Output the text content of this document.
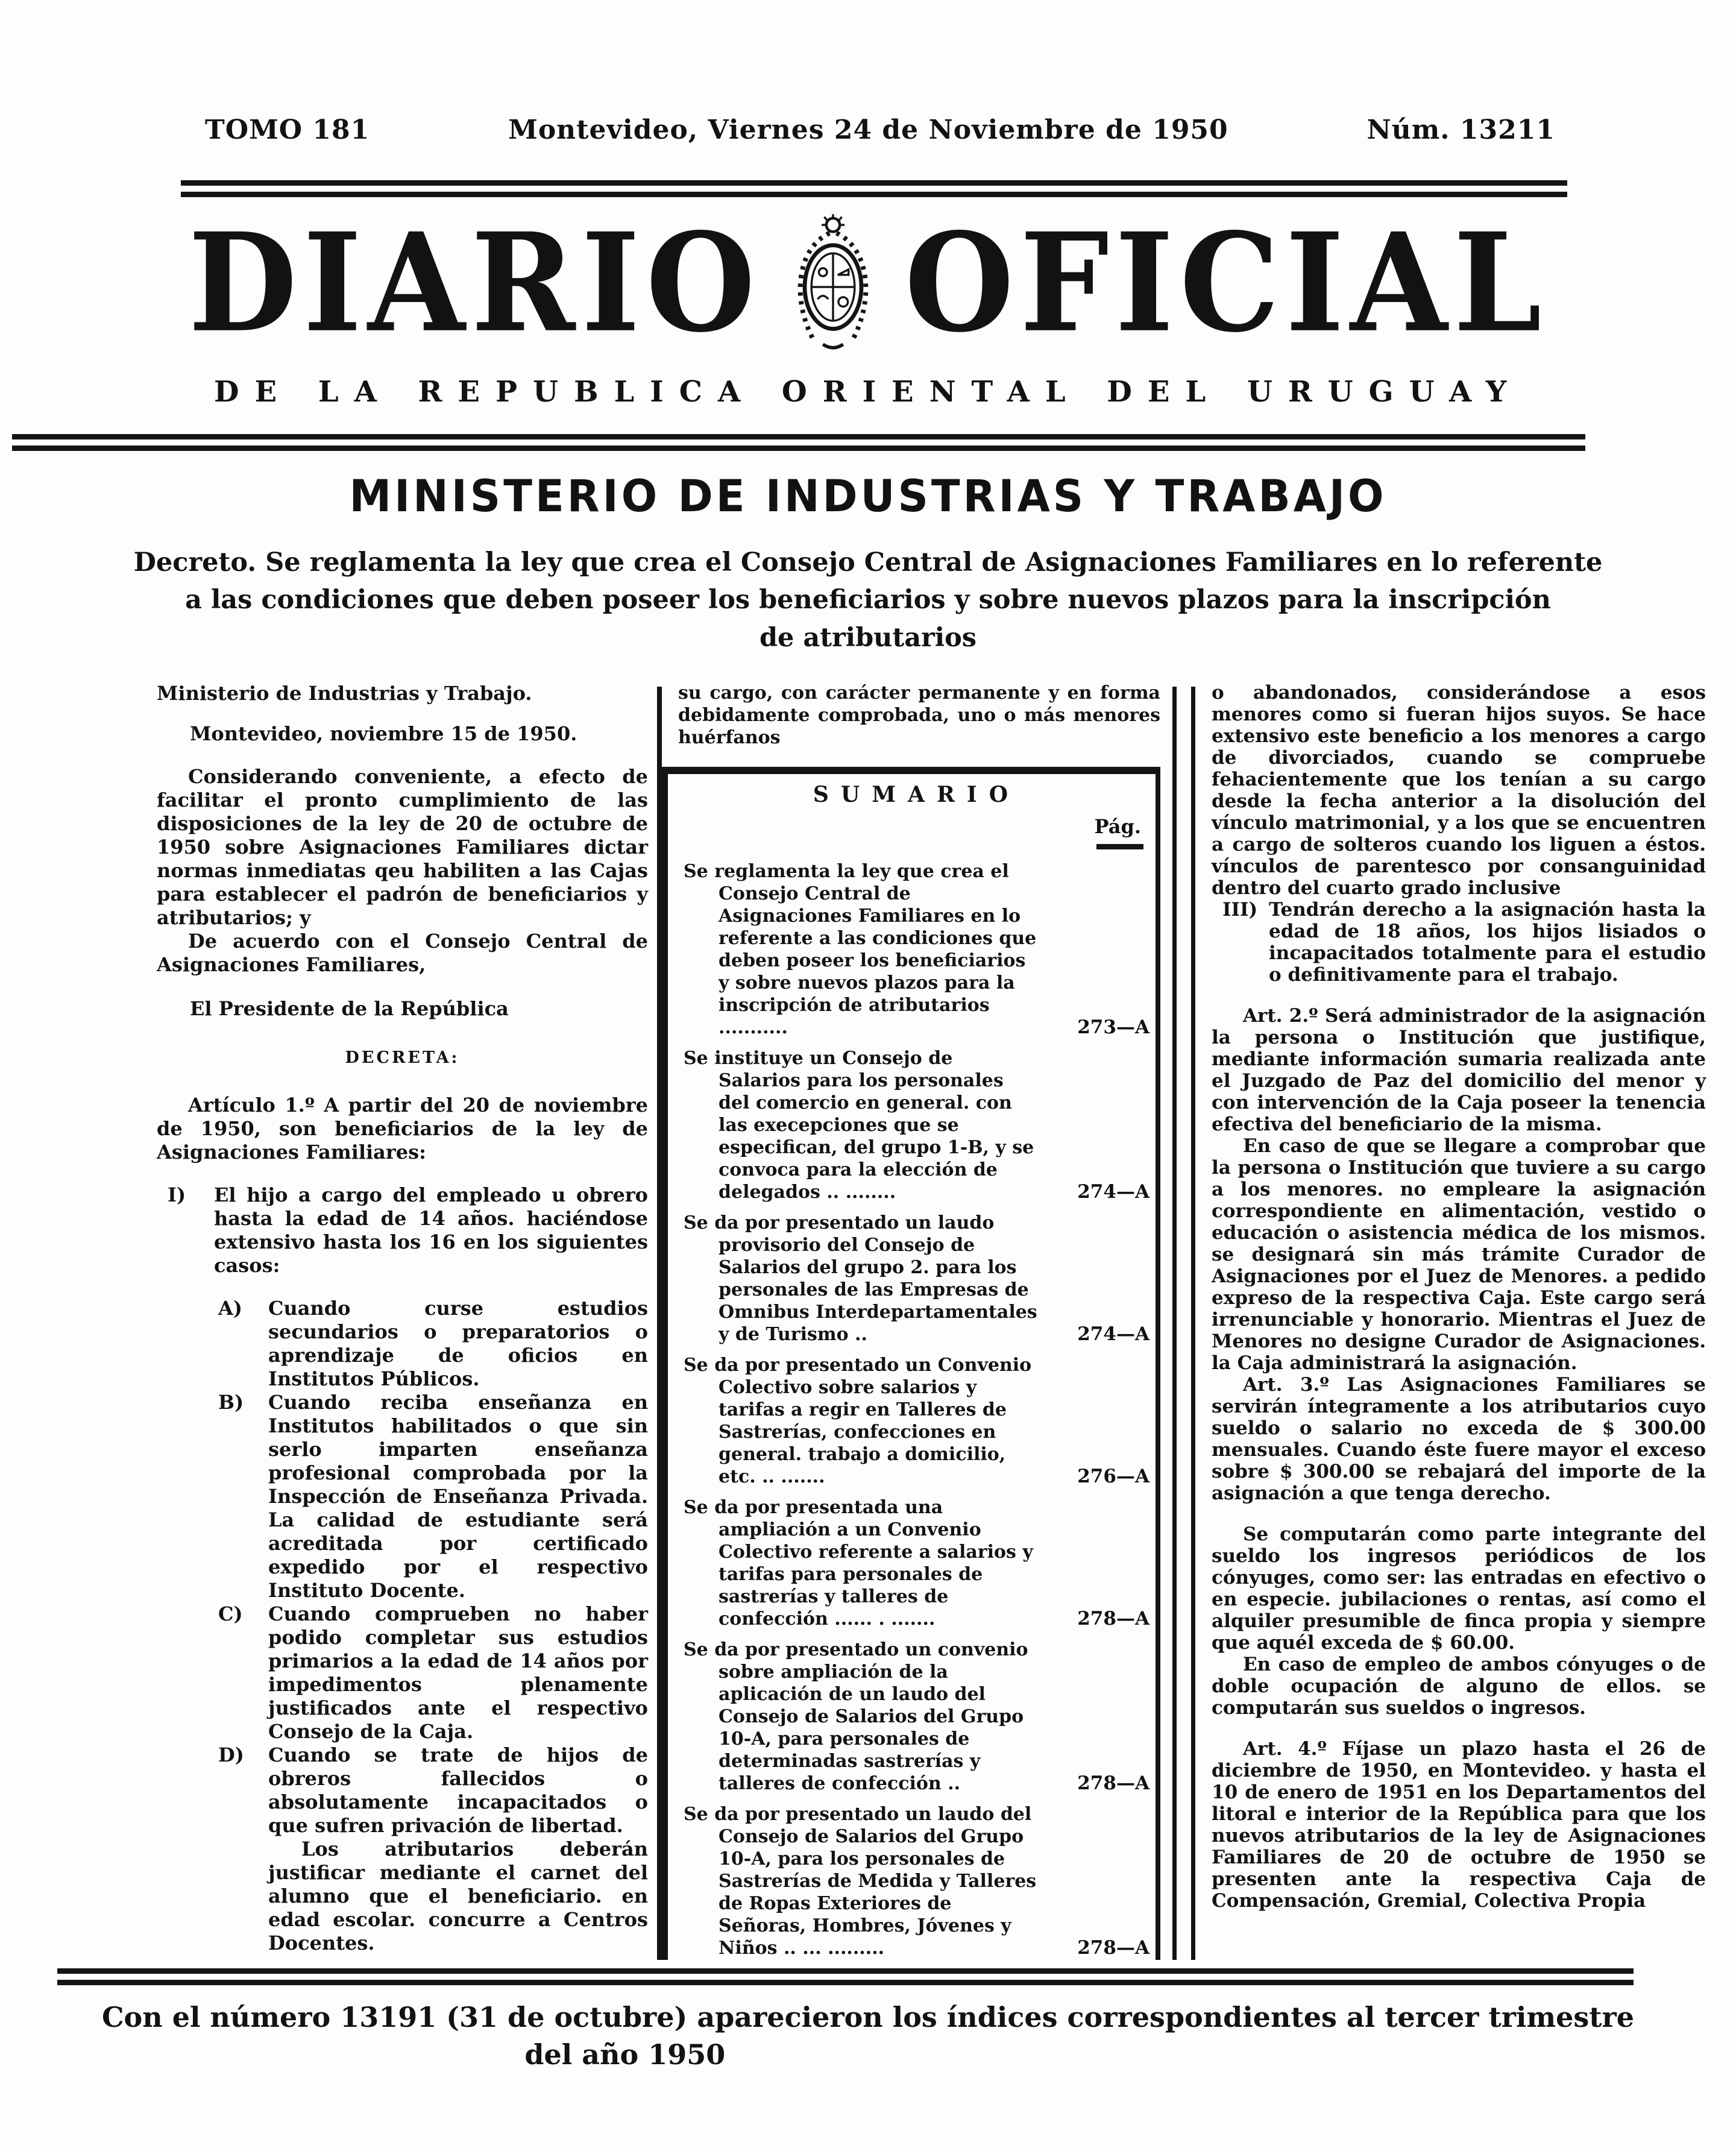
TOMO 181	Montevideo, Viernes 24 de Noviembre de 1950	Núm. 13211
DIARIO OFICIAL
DE LA REPUBLICA ORIENTAL DEL URUGUAY
MINISTERIO DE INDUSTRIAS Y TRABAJO
Decreto. Se reglamenta la ley que crea el Consejo Central de Asignaciones Familiares en lo referente
a las condiciones que deben poseer los beneficiarios y sobre nuevos plazos para la inscripción
de atributarios
Ministerio de Industrias y Trabajo.
Montevideo, noviembre 15 de 1950.
Considerando conveniente, a efecto de facilitar el pronto cumplimiento de las disposiciones de la ley de 20 de octubre de 1950 sobre Asignaciones Familiares dictar normas inmediatas qeu habiliten a las Cajas para establecer el padrón de beneficiarios y atributarios; y
De acuerdo con el Consejo Central de Asignaciones Familiares,
El Presidente de la República
DECRETA:
Artículo 1.º A partir del 20 de noviembre de 1950, son beneficiarios de la ley de Asignaciones Familiares:
I) El hijo a cargo del empleado u obrero hasta la edad de 14 años. haciéndose extensivo hasta los 16 en los siguientes casos:
A) Cuando curse estudios secundarios o preparatorios o aprendizaje de oficios en Institutos Públicos.
B) Cuando reciba enseñanza en Institutos habilitados o que sin serlo imparten enseñanza profesional comprobada por la Inspección de Enseñanza Privada. La calidad de estudiante será acreditada por certificado expedido por el respectivo Instituto Docente.
C) Cuando comprueben no haber podido completar sus estudios primarios a la edad de 14 años por impedimentos plenamente justificados ante el respectivo Consejo de la Caja.
D) Cuando se trate de hijos de obreros fallecidos o absolutamente incapacitados o que sufren privación de libertad.
Los atributarios deberán justificar mediante el carnet del alumno que el beneficiario. en edad escolar. concurre a Centros Docentes.
su cargo, con carácter permanente y en forma debidamente comprobada, uno o más menores huérfanos
SUMARIO
Pág.
Se reglamenta la ley que crea el Consejo Central de Asignaciones Familiares en lo referente a las condiciones que deben poseer los beneficiarios y sobre nuevos plazos para la inscripción de atributarios ...........	273—A
Se instituye un Consejo de Salarios para los personales del comercio en general. con las execepciones que se especifican, del grupo 1-B, y se convoca para la elección de delegados .. ........	274—A
Se da por presentado un laudo provisorio del Consejo de Salarios del grupo 2. para los personales de las Empresas de Omnibus Interdepartamentales y de Turismo ..	274—A
Se da por presentado un Convenio Colectivo sobre salarios y tarifas a regir en Talleres de Sastrerías, confecciones en general. trabajo a domicilio, etc. .. .......	276—A
Se da por presentada una ampliación a un Convenio Colectivo referente a salarios y tarifas para personales de sastrerías y talleres de confección ...... . .......	278—A
Se da por presentado un convenio sobre ampliación de la aplicación de un laudo del Consejo de Salarios del Grupo 10-A, para personales de determinadas sastrerías y talleres de confección ..	278—A
Se da por presentado un laudo del Consejo de Salarios del Grupo 10-A, para los personales de Sastrerías de Medida y Talleres de Ropas Exteriores de Señoras, Hombres, Jóvenes y Niños .. ... .........	278—A
o abandonados, considerándose a esos menores como si fueran hijos suyos. Se hace extensivo este beneficio a los menores a cargo de divorciados, cuando se compruebe fehacientemente que los tenían a su cargo desde la fecha anterior a la disolución del vínculo matrimonial, y a los que se encuentren a cargo de solteros cuando los liguen a éstos. vínculos de parentesco por consanguinidad dentro del cuarto grado inclusive
III) Tendrán derecho a la asignación hasta la edad de 18 años, los hijos lisiados o incapacitados totalmente para el estudio o definitivamente para el trabajo.
Art. 2.º Será administrador de la asignación la persona o Institución que justifique, mediante información sumaria realizada ante el Juzgado de Paz del domicilio del menor y con intervención de la Caja poseer la tenencia efectiva del beneficiario de la misma.
En caso de que se llegare a comprobar que la persona o Institución que tuviere a su cargo a los menores. no empleare la asignación correspondiente en alimentación, vestido o educación o asistencia médica de los mismos. se designará sin más trámite Curador de Asignaciones por el Juez de Menores. a pedido expreso de la respectiva Caja. Este cargo será irrenunciable y honorario. Mientras el Juez de Menores no designe Curador de Asignaciones. la Caja administrará la asignación.
Art. 3.º Las Asignaciones Familiares se servirán íntegramente a los atributarios cuyo sueldo o salario no exceda de $ 300.00 mensuales. Cuando éste fuere mayor el exceso sobre $ 300.00 se rebajará del importe de la asignación a que tenga derecho.
Se computarán como parte integrante del sueldo los ingresos periódicos de los cónyuges, como ser: las entradas en efectivo o en especie. jubilaciones o rentas, así como el alquiler presumible de finca propia y siempre que aquél exceda de $ 60.00.
En caso de empleo de ambos cónyuges o de doble ocupación de alguno de ellos. se computarán sus sueldos o ingresos.
Art. 4.º Fíjase un plazo hasta el 26 de diciembre de 1950, en Montevideo. y hasta el 10 de enero de 1951 en los Departamentos del litoral e interior de la República para que los nuevos atributarios de la ley de Asignaciones Familiares de 20 de octubre de 1950 se presenten ante la respectiva Caja de Compensación, Gremial, Colectiva Propia
Con el número 13191 (31 de octubre) aparecieron los índices correspondientes al tercer trimestre
del año 1950
